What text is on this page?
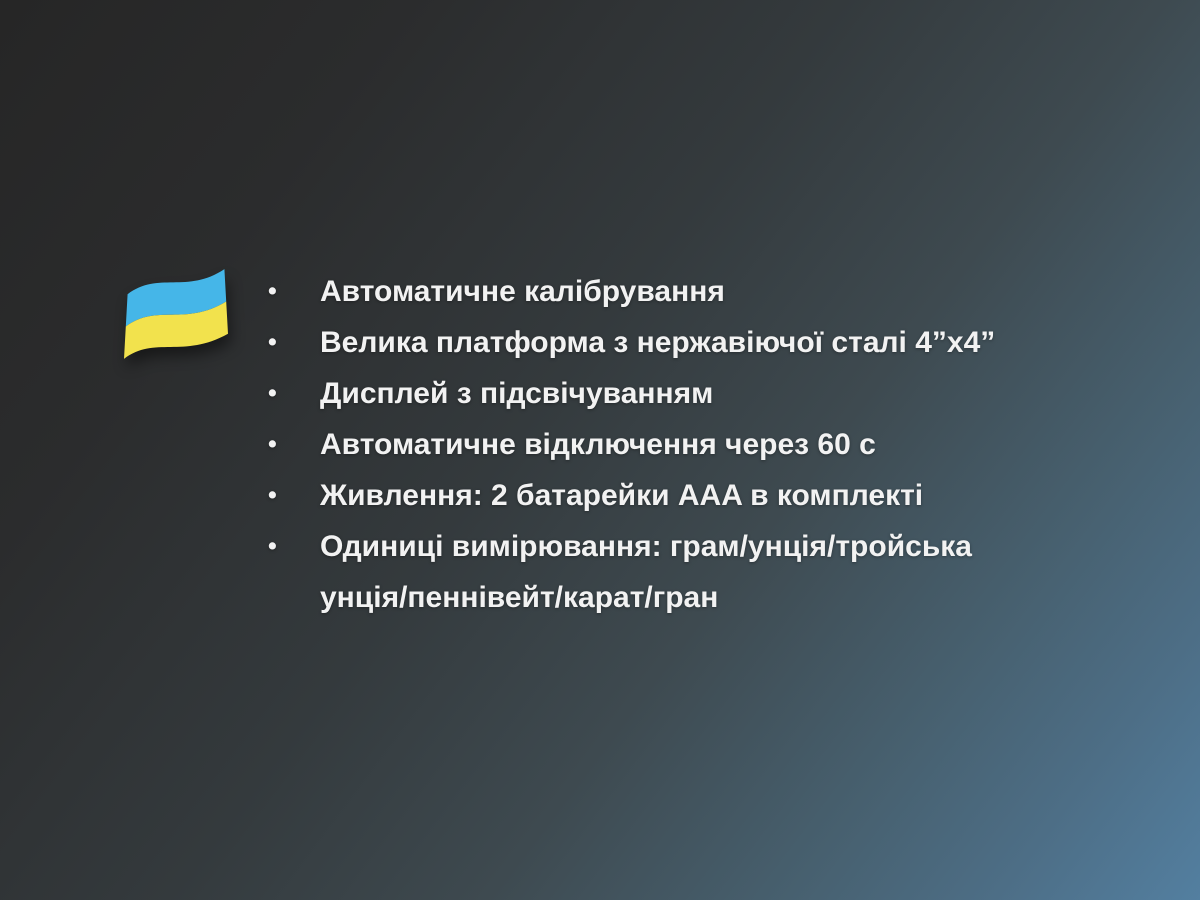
•	Автоматичне калібрування
•	Велика платформа з нержавіючої сталі 4”х4”
•	Дисплей з підсвічуванням
•	Автоматичне відключення через 60 с
•	Живлення: 2 батарейки AAA в комплекті
•	Одиниці вимірювання: грам/унція/тройська
унція/пеннівейт/карат/гран
